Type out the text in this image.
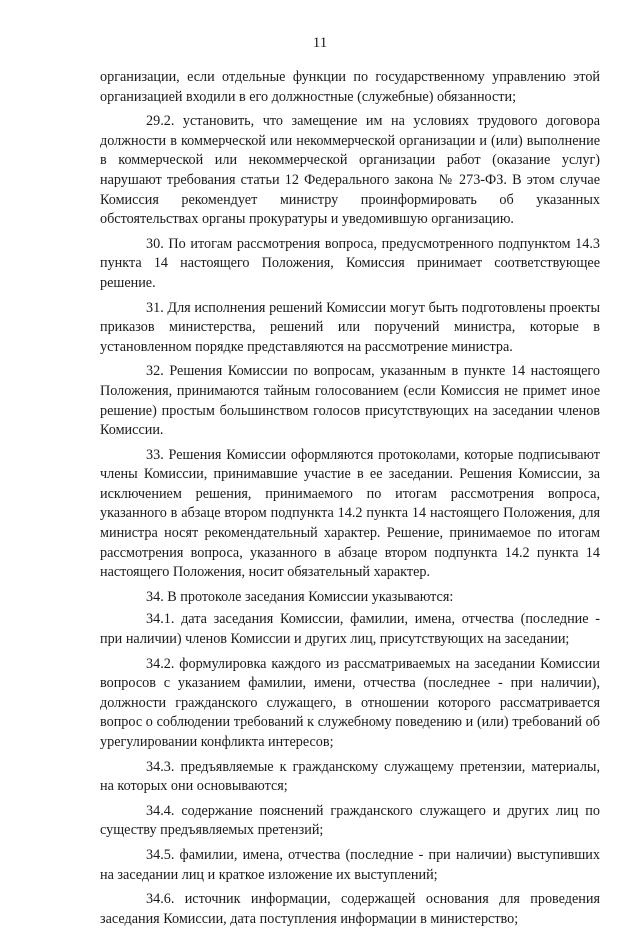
11

организации, если отдельные функции по государственному управлению этой организацией входили в его должностные (служебные) обязанности;

29.2. установить, что замещение им на условиях трудового договора должности в коммерческой или некоммерческой организации и (или) выполнение в коммерческой или некоммерческой организации работ (оказание услуг) нарушают требования статьи 12 Федерального закона № 273-ФЗ. В этом случае Комиссия рекомендует министру проинформировать об указанных обстоятельствах органы прокуратуры и уведомившую организацию.

30. По итогам рассмотрения вопроса, предусмотренного подпунктом 14.3 пункта 14 настоящего Положения, Комиссия принимает соответствующее решение.

31. Для исполнения решений Комиссии могут быть подготовлены проекты приказов министерства, решений или поручений министра, которые в установленном порядке представляются на рассмотрение министра.

32. Решения Комиссии по вопросам, указанным в пункте 14 настоящего Положения, принимаются тайным голосованием (если Комиссия не примет иное решение) простым большинством голосов присутствующих на заседании членов Комиссии.

33. Решения Комиссии оформляются протоколами, которые подписывают члены Комиссии, принимавшие участие в ее заседании. Решения Комиссии, за исключением решения, принимаемого по итогам рассмотрения вопроса, указанного в абзаце втором подпункта 14.2 пункта 14 настоящего Положения, для министра носят рекомендательный характер. Решение, принимаемое по итогам рассмотрения вопроса, указанного в абзаце втором подпункта 14.2 пункта 14 настоящего Положения, носит обязательный характер.

34. В протоколе заседания Комиссии указываются:

34.1. дата заседания Комиссии, фамилии, имена, отчества (последние - при наличии) членов Комиссии и других лиц, присутствующих на заседании;

34.2. формулировка каждого из рассматриваемых на заседании Комиссии вопросов с указанием фамилии, имени, отчества (последнее - при наличии), должности гражданского служащего, в отношении которого рассматривается вопрос о соблюдении требований к служебному поведению и (или) требований об урегулировании конфликта интересов;

34.3. предъявляемые к гражданскому служащему претензии, материалы, на которых они основываются;

34.4. содержание пояснений гражданского служащего и других лиц по существу предъявляемых претензий;

34.5. фамилии, имена, отчества (последние - при наличии) выступивших на заседании лиц и краткое изложение их выступлений;

34.6. источник информации, содержащей основания для проведения заседания Комиссии, дата поступления информации в министерство;
